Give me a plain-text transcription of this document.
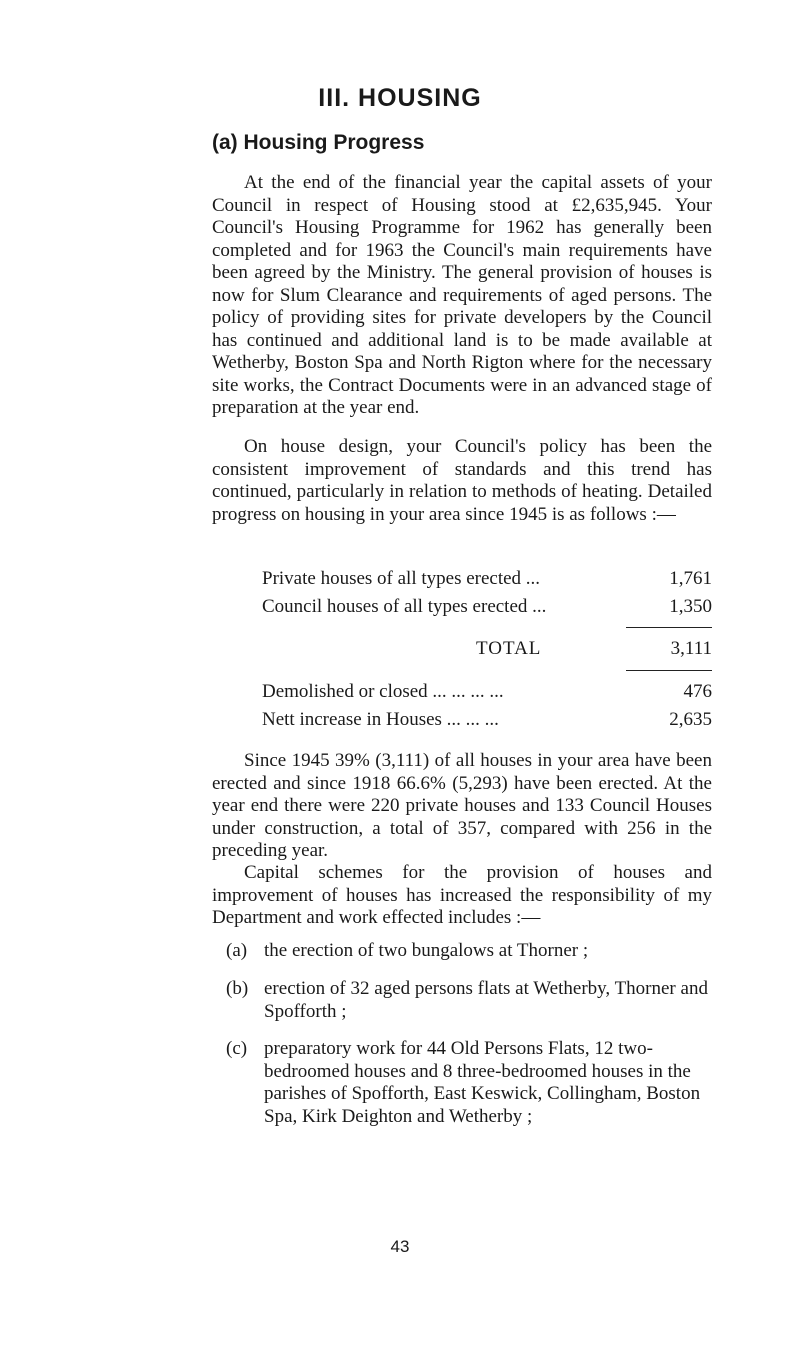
III. HOUSING
(a) Housing Progress

At the end of the financial year the capital assets of your Council in respect of Housing stood at £2,635,945. Your Council's Housing Programme for 1962 has generally been completed and for 1963 the Council's main requirements have been agreed by the Ministry. The general provision of houses is now for Slum Clearance and requirements of aged persons. The policy of providing sites for private developers by the Council has continued and additional land is to be made available at Wetherby, Boston Spa and North Rigton where for the necessary site works, the Contract Documents were in an advanced stage of preparation at the year end.

On house design, your Council's policy has been the consistent improvement of standards and this trend has continued, particularly in relation to methods of heating. Detailed progress on housing in your area since 1945 is as follows :—

Private houses of all types erected ...	1,761
Council houses of all types erected ...	1,350
TOTAL	3,111
Demolished or closed ... ... ... ...	476
Nett increase in Houses ... ... ...	2,635

Since 1945 39% (3,111) of all houses in your area have been erected and since 1918 66.6% (5,293) have been erected. At the year end there were 220 private houses and 133 Council Houses under construction, a total of 357, compared with 256 in the preceding year.

Capital schemes for the provision of houses and improvement of houses has increased the responsibility of my Department and work effected includes :—

(a) the erection of two bungalows at Thorner ;
(b) erection of 32 aged persons flats at Wetherby, Thorner and Spofforth ;
(c) preparatory work for 44 Old Persons Flats, 12 two-bedroomed houses and 8 three-bedroomed houses in the parishes of Spofforth, East Keswick, Collingham, Boston Spa, Kirk Deighton and Wetherby ;
43
